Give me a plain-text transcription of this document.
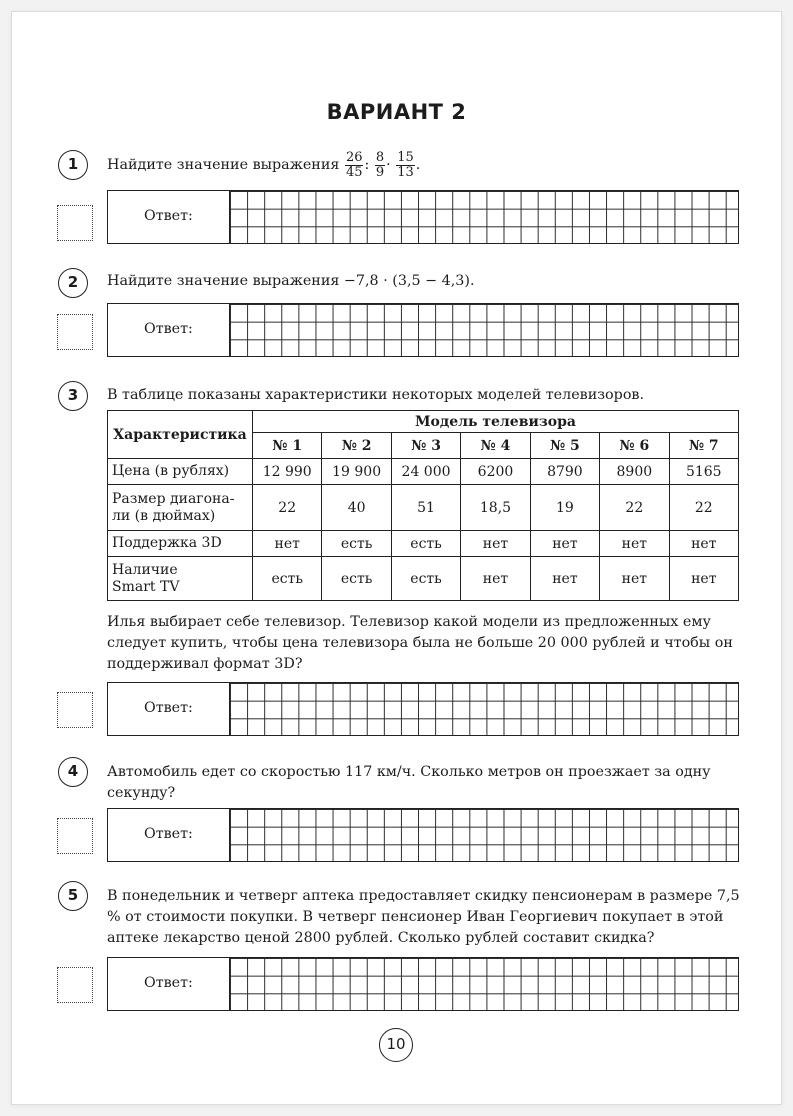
ВАРИАНТ 2
1	Найдите значение выражения $\frac{26}{45}$ : $\frac{8}{9} \cdot \frac{15}{13}$ .
Ответ:
2	Найдите значение выражения −7,8 · (3,5 − 4,3).
Ответ:
3	В таблице показаны характеристики некоторых моделей телевизоров.
Характеристика	Модель телевизора						
	№ 1	№ 2	№ 3	№ 4	№ 5	№ 6	№ 7
Цена (в рублях)	12 990	19 900	24 000	6200	8790	8900	5165
Размер диагона-
ли (в дюймах)	22	40	51	18,5	19	22	22
Поддержка 3D	нет	есть	есть	нет	нет	нет	нет
Наличие
Smart TV	есть	есть	есть	нет	нет	нет	нет
Илья выбирает себе телевизор. Телевизор какой модели из предложенных ему следует купить, чтобы цена телевизора была не больше 20 000 рублей и чтобы он поддерживал формат 3D?
Ответ:
4	Автомобиль едет со скоростью 117 км/ч. Сколько метров он проезжает за одну секунду?
Ответ:
5	В понедельник и четверг аптека предоставляет скидку пенсионерам в размере 7,5 % от стоимости покупки. В четверг пенсионер Иван Георгиевич покупает в этой аптеке лекарство ценой 2800 рублей. Сколько рублей составит скидка?
Ответ:
10
